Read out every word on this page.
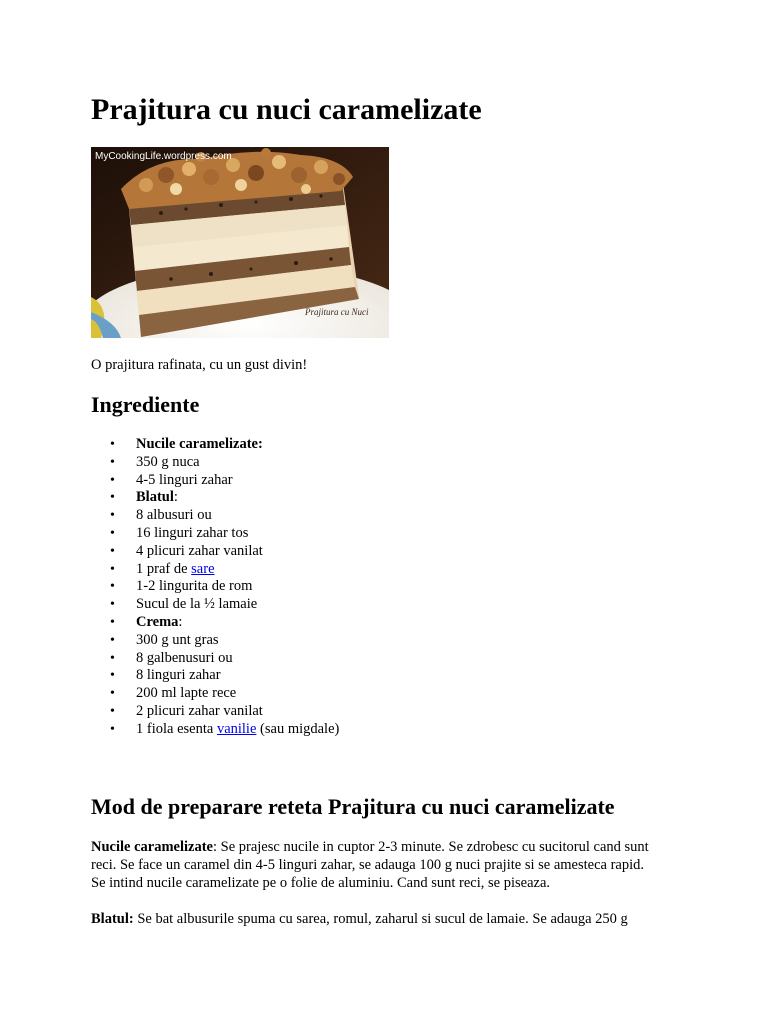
Prajitura cu nuci caramelizate
MyCookingLife.wordpress.com
Prajitura cu Nuci
O prajitura rafinata, cu un gust divin!
Ingrediente
• Nucile caramelizate:
• 350 g nuca
• 4-5 linguri zahar
• Blatul:
• 8 albusuri ou
• 16 linguri zahar tos
• 4 plicuri zahar vanilat
• 1 praf de sare
• 1-2 lingurita de rom
• Sucul de la ½ lamaie
• Crema:
• 300 g unt gras
• 8 galbenusuri ou
• 8 linguri zahar
• 200 ml lapte rece
• 2 plicuri zahar vanilat
• 1 fiola esenta vanilie (sau migdale)
Mod de preparare reteta Prajitura cu nuci caramelizate
Nucile caramelizate: Se prajesc nucile in cuptor 2-3 minute. Se zdrobesc cu sucitorul cand sunt
reci. Se face un caramel din 4-5 linguri zahar, se adauga 100 g nuci prajite si se amesteca rapid.
Se intind nucile caramelizate pe o folie de aluminiu. Cand sunt reci, se piseaza.
Blatul: Se bat albusurile spuma cu sarea, romul, zaharul si sucul de lamaie. Se adauga 250 g
